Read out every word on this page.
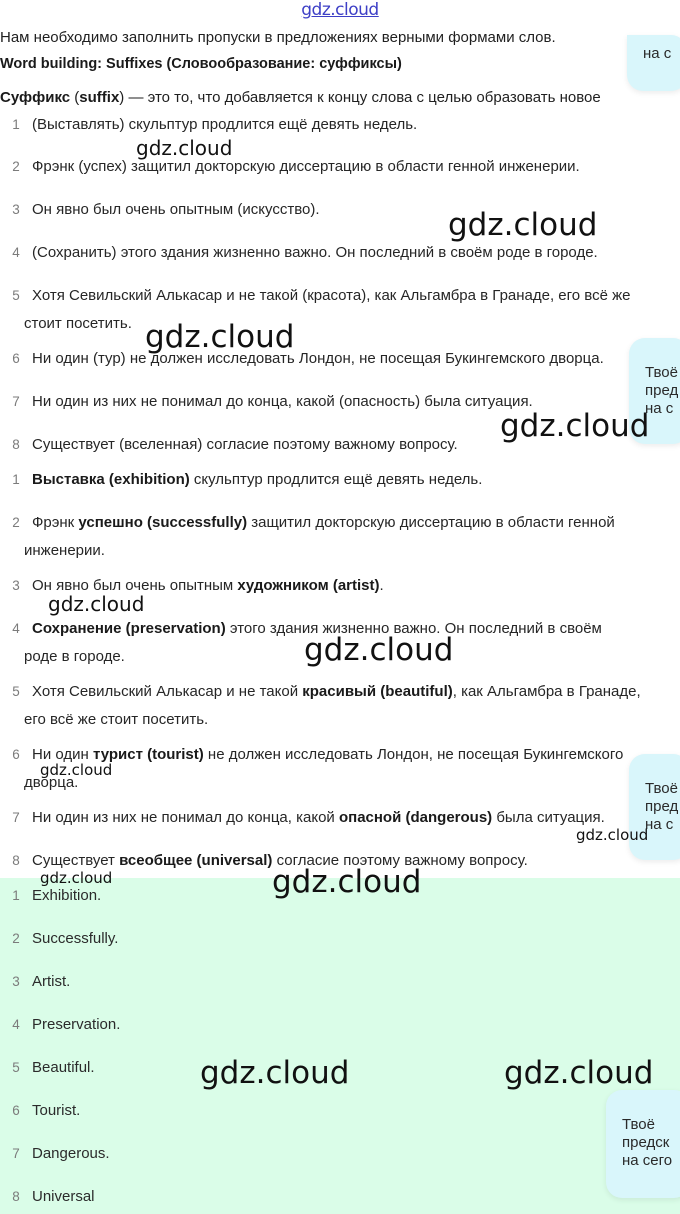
gdz.cloud
Нам необходимо заполнить пропуски в предложениях верными формами слов.
Word building: Suffixes (Словообразование: суффиксы)
Суффикс (suffix) — это то, что добавляется к концу слова с целью образовать новое
1 (Выставлять) скульптур продлится ещё девять недель.
2 Фрэнк (успех) защитил докторскую диссертацию в области генной инженерии.
3 Он явно был очень опытным (искусство).
4 (Сохранить) этого здания жизненно важно. Он последний в своём роде в городе.
5 Хотя Севильский Алькасар и не такой (красота), как Альгамбра в Гранаде, его всё же
стоит посетить.
6 Ни один (тур) не должен исследовать Лондон, не посещая Букингемского дворца.
7 Ни один из них не понимал до конца, какой (опасность) была ситуация.
8 Существует (вселенная) согласие поэтому важному вопросу.
1 Выставка (exhibition) скульптур продлится ещё девять недель.
2 Фрэнк успешно (successfully) защитил докторскую диссертацию в области генной
инженерии.
3 Он явно был очень опытным художником (artist).
4 Сохранение (preservation) этого здания жизненно важно. Он последний в своём
роде в городе.
5 Хотя Севильский Алькасар и не такой красивый (beautiful), как Альгамбра в Гранаде,
его всё же стоит посетить.
6 Ни один турист (tourist) не должен исследовать Лондон, не посещая Букингемского
дворца.
7 Ни один из них не понимал до конца, какой опасной (dangerous) была ситуация.
8 Существует всеобщее (universal) согласие поэтому важному вопросу.
1 Exhibition.
2 Successfully.
3 Artist.
4 Preservation.
5 Beautiful.
6 Tourist.
7 Dangerous.
8 Universal
на с
Твоё
пред
на с
Твоё
пред
на с
Твоё
предск
на сего
gdz.cloud
gdz.cloud
gdz.cloud
gdz.cloud
gdz.cloud
gdz.cloud
gdz.cloud
gdz.cloud
gdz.cloud	gdz.cloud
gdz.cloud	gdz.cloud
